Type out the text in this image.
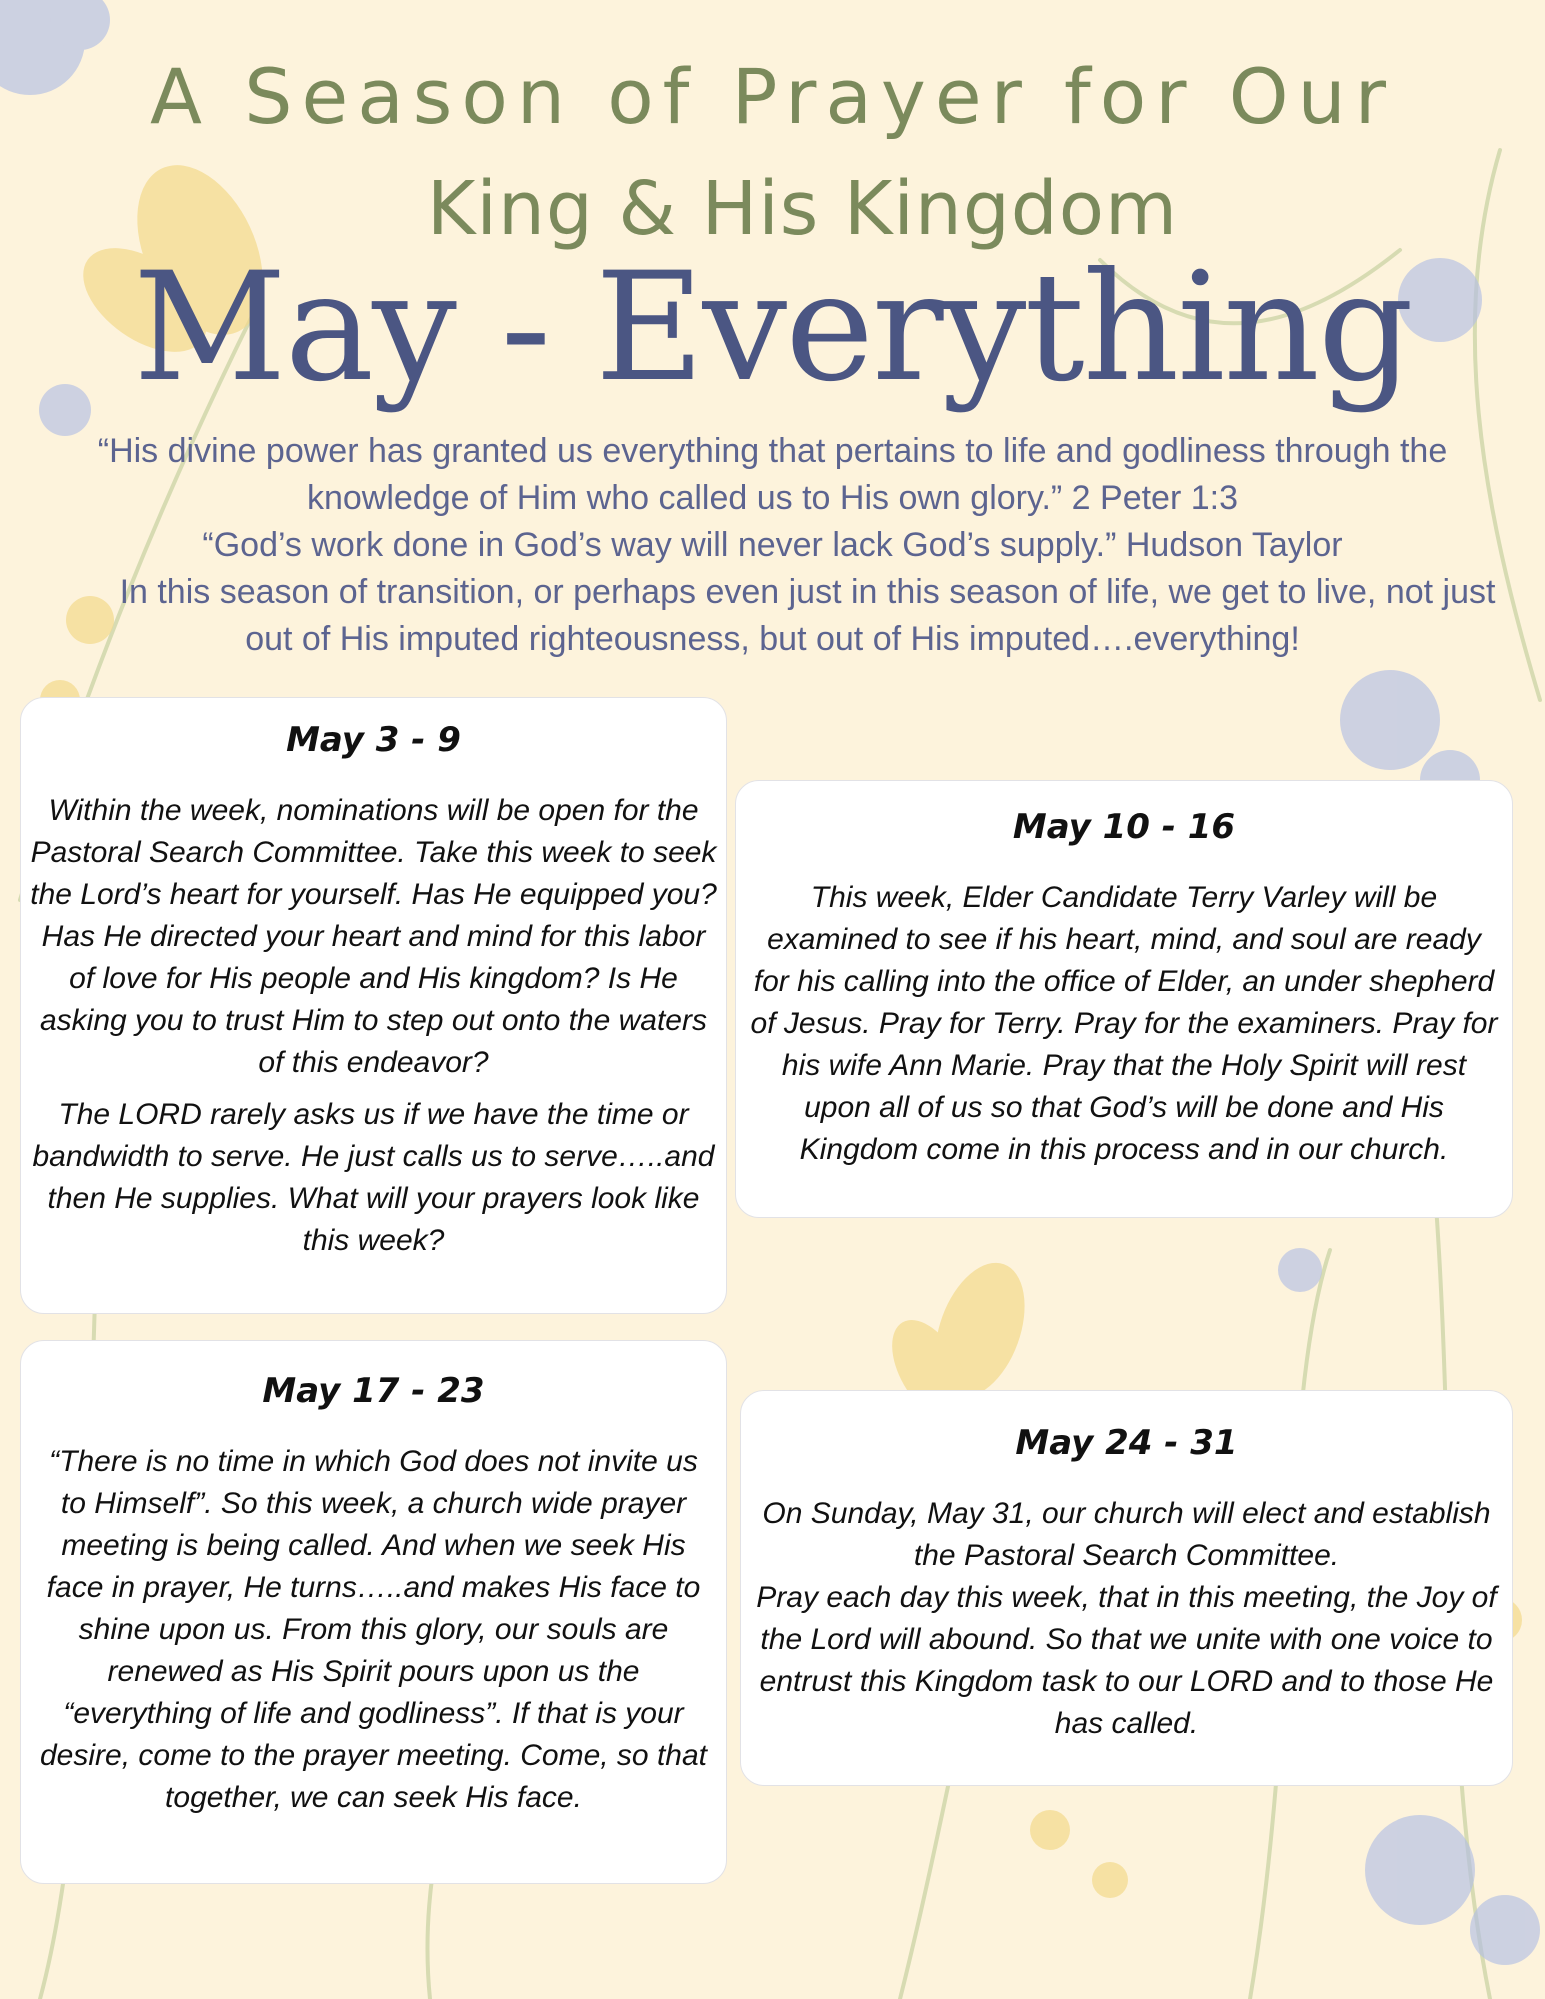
A Season of Prayer for Our
King & His Kingdom
May - Everything

“His divine power has granted us everything that pertains to life and godliness through the knowledge of Him who called us to His own glory.” 2 Peter 1:3

“God’s work done in God’s way will never lack God’s supply.” Hudson Taylor

In this season of transition, or perhaps even just in this season of life, we get to live, not just out of His imputed righteousness, but out of His imputed….everything!

May 3 - 9

Within the week, nominations will be open for the Pastoral Search Committee. Take this week to seek the Lord’s heart for yourself. Has He equipped you? Has He directed your heart and mind for this labor of love for His people and His kingdom? Is He asking you to trust Him to step out onto the waters of this endeavor?

The LORD rarely asks us if we have the time or bandwidth to serve. He just calls us to serve…..and then He supplies. What will your prayers look like this week?

May 10 - 16

This week, Elder Candidate Terry Varley will be examined to see if his heart, mind, and soul are ready for his calling into the office of Elder, an under shepherd of Jesus. Pray for Terry. Pray for the examiners. Pray for his wife Ann Marie. Pray that the Holy Spirit will rest upon all of us so that God’s will be done and His Kingdom come in this process and in our church.

May 17 - 23

“There is no time in which God does not invite us to Himself”. So this week, a church wide prayer meeting is being called. And when we seek His face in prayer, He turns…..and makes His face to shine upon us. From this glory, our souls are renewed as His Spirit pours upon us the “everything of life and godliness”. If that is your desire, come to the prayer meeting. Come, so that together, we can seek His face.

May 24 - 31

On Sunday, May 31, our church will elect and establish the Pastoral Search Committee.

Pray each day this week, that in this meeting, the Joy of the Lord will abound. So that we unite with one voice to entrust this Kingdom task to our LORD and to those He has called.
